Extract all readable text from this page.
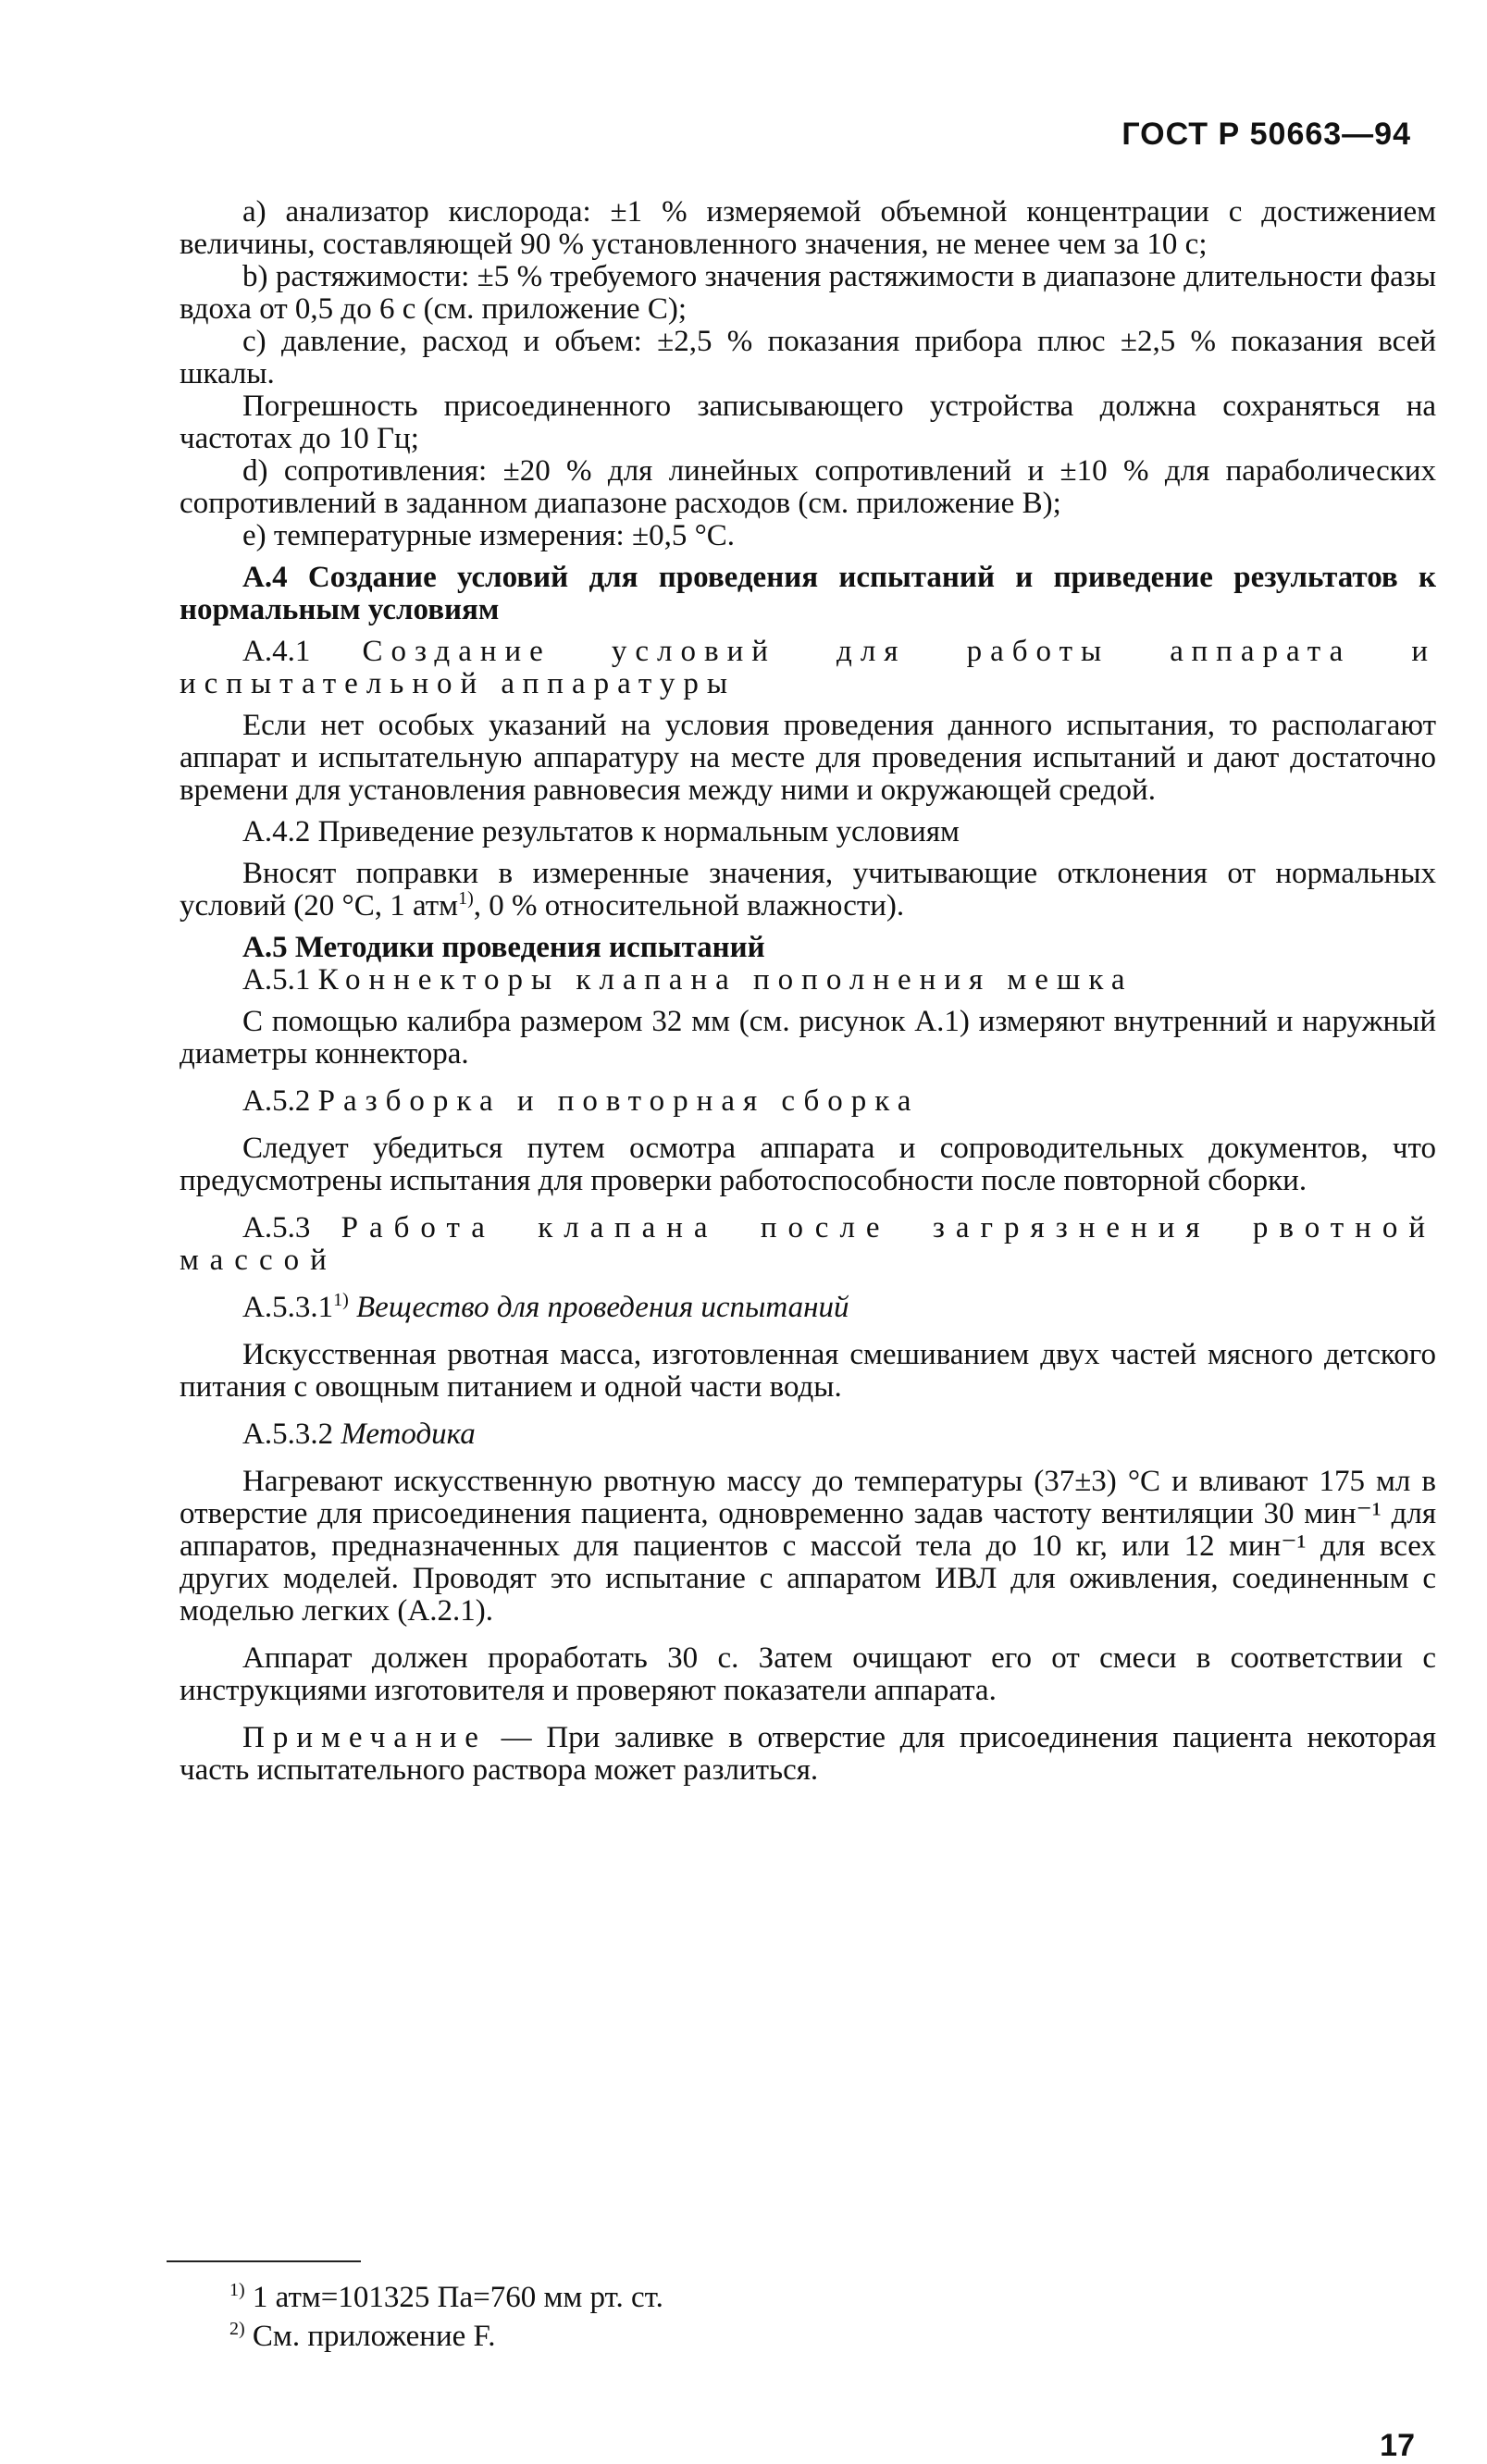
ГОСТ Р 50663—94

а) анализатор кислорода: ±1 % измеряемой объемной концентрации с достижением величины, составляющей 90 % установленного значения, не менее чем за 10 с;

b) растяжимости: ±5 % требуемого значения растяжимости в диапазоне длительности фазы вдоха от 0,5 до 6 с (см. приложение С);

с) давление, расход и объем: ±2,5 % показания прибора плюс ±2,5 % показания всей шкалы.

Погрешность присоединенного записывающего устройства должна сохраняться на частотах до 10 Гц;

d) сопротивления: ±20 % для линейных сопротивлений и ±10 % для параболических сопротивлений в заданном диапазоне расходов (см. приложение В);

е) температурные измерения: ±0,5 °С.

А.4 Создание условий для проведения испытаний и приведение результатов к нормальным условиям

А.4.1 Создание условий для работы аппарата и испытательной аппаратуры

Если нет особых указаний на условия проведения данного испытания, то располагают аппарат и испытательную аппаратуру на месте для проведения испытаний и дают достаточно времени для установления равновесия между ними и окружающей средой.

А.4.2 Приведение результатов к нормальным условиям

Вносят поправки в измеренные значения, учитывающие отклонения от нормальных условий (20 °С, 1 атм$^{1)}$, 0 % относительной влажности).

А.5 Методики проведения испытаний

А.5.1 Коннекторы клапана пополнения мешка

С помощью калибра размером 32 мм (см. рисунок А.1) измеряют внутренний и наружный диаметры коннектора.

А.5.2 Разборка и повторная сборка

Следует убедиться путем осмотра аппарата и сопроводительных документов, что предусмотрены испытания для проверки работоспособности после повторной сборки.

А.5.3 Работа клапана после загрязнения рвотной массой

А.5.3.1$^{1)}$ Вещество для проведения испытаний

Искусственная рвотная масса, изготовленная смешиванием двух частей мясного детского питания с овощным питанием и одной части воды.

А.5.3.2 Методика

Нагревают искусственную рвотную массу до температуры (37±3) °С и вливают 175 мл в отверстие для присоединения пациента, одновременно задав частоту вентиляции 30 мин⁻¹ для аппаратов, предназначенных для пациентов с массой тела до 10 кг, или 12 мин⁻¹ для всех других моделей. Проводят это испытание с аппаратом ИВЛ для оживления, соединенным с моделью легких (А.2.1).

Аппарат должен проработать 30 с. Затем очищают его от смеси в соответствии с инструкциями изготовителя и проверяют показатели аппарата.

Примечание — При заливке в отверстие для присоединения пациента некоторая часть испытательного раствора может разлиться.

$^{1)}$ 1 атм=101325 Па=760 мм рт. ст.

$^{2)}$ См. приложение F.

17
